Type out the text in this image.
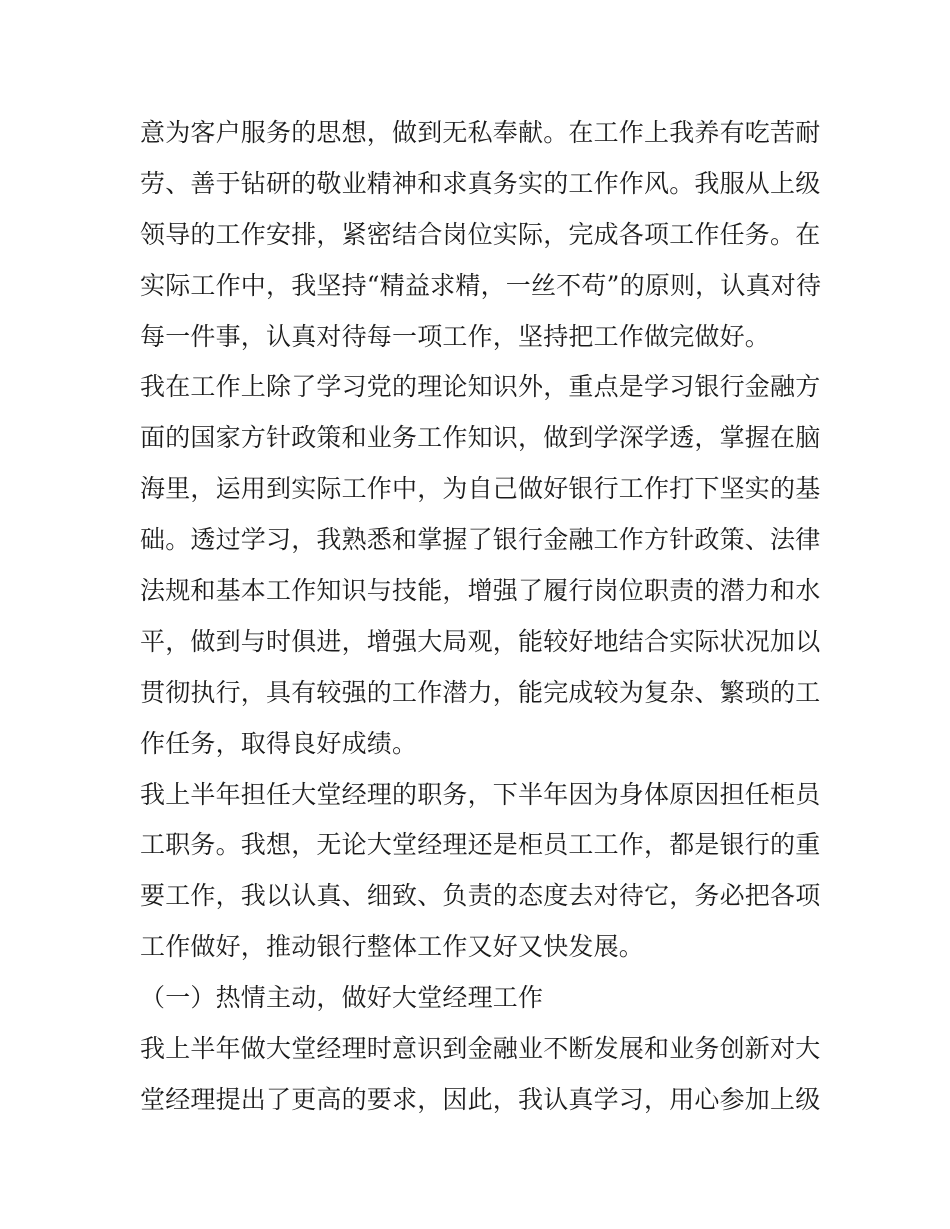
意为客户服务的思想，做到无私奉献。在工作上我养有吃苦耐
劳、善于钻研的敬业精神和求真务实的工作作风。我服从上级
领导的工作安排，紧密结合岗位实际，完成各项工作任务。在
实际工作中，我坚持“精益求精，一丝不苟”的原则，认真对待
每一件事，认真对待每一项工作，坚持把工作做完做好。
我在工作上除了学习党的理论知识外，重点是学习银行金融方
面的国家方针政策和业务工作知识，做到学深学透，掌握在脑
海里，运用到实际工作中，为自己做好银行工作打下坚实的基
础。透过学习，我熟悉和掌握了银行金融工作方针政策、法律
法规和基本工作知识与技能，增强了履行岗位职责的潜力和水
平，做到与时俱进，增强大局观，能较好地结合实际状况加以
贯彻执行，具有较强的工作潜力，能完成较为复杂、繁琐的工
作任务，取得良好成绩。
我上半年担任大堂经理的职务，下半年因为身体原因担任柜员
工职务。我想，无论大堂经理还是柜员工工作，都是银行的重
要工作，我以认真、细致、负责的态度去对待它，务必把各项
工作做好，推动银行整体工作又好又快发展。
（一）热情主动，做好大堂经理工作
我上半年做大堂经理时意识到金融业不断发展和业务创新对大
堂经理提出了更高的要求，因此，我认真学习，用心参加上级
